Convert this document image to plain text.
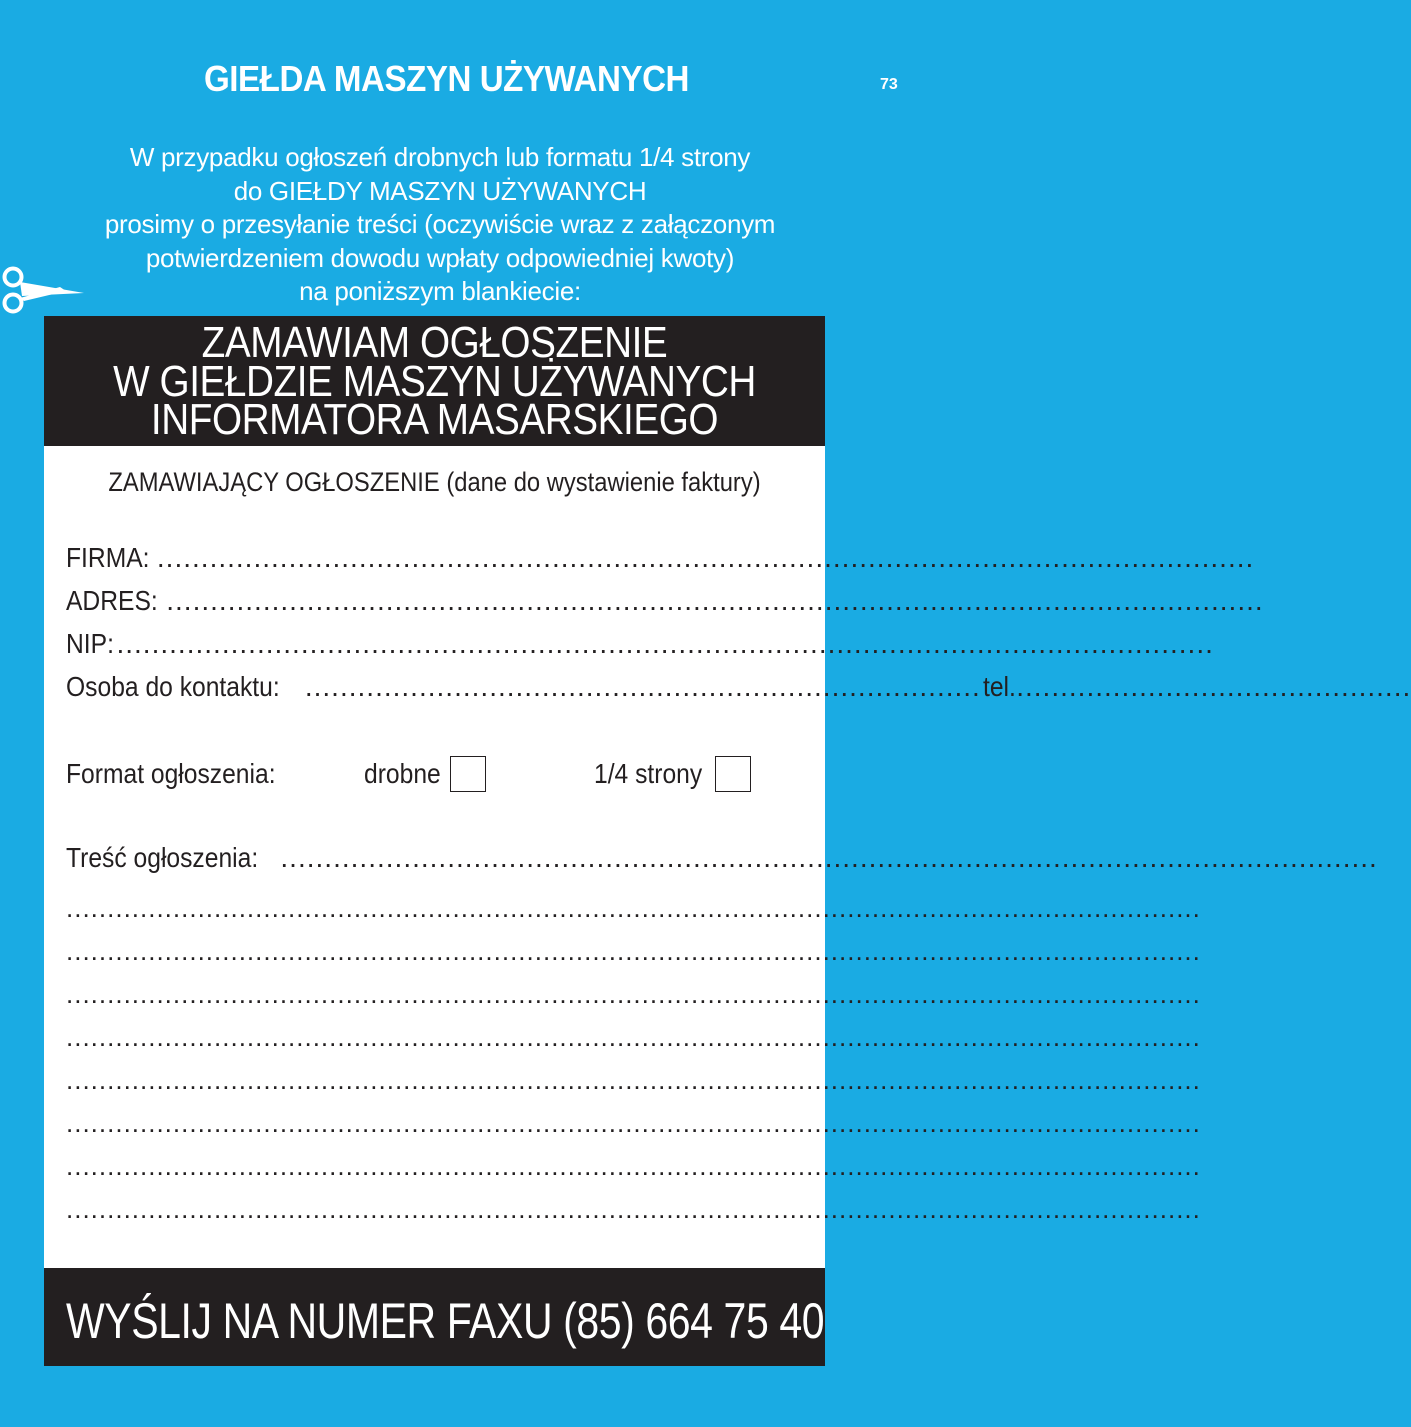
GIEŁDA MASZYN UŻYWANYCH	73
W przypadku ogłoszeń drobnych lub formatu 1/4 strony
do GIEŁDY MASZYN UŻYWANYCH
prosimy o przesyłanie treści (oczywiście wraz z załączonym
potwierdzeniem dowodu wpłaty odpowiedniej kwoty)
na poniższym blankiecie:
ZAMAWIAM OGŁOSZENIE
W GIEŁDZIE MASZYN UŻYWANYCH
INFORMATORA MASARSKIEGO
ZAMAWIAJĄCY OGŁOSZENIE (dane do wystawienie faktury)
FIRMA: .............................................................................................................................
ADRES: .............................................................................................................................
NIP: .............................................................................................................................
Osoba do kontaktu: ............................................................................. tel. .............................................
Format ogłoszenia:	drobne	1/4 strony
Treść ogłoszenia: .............................................................................................................................
..........................................................................................................................................
..........................................................................................................................................
..........................................................................................................................................
..........................................................................................................................................
..........................................................................................................................................
..........................................................................................................................................
..........................................................................................................................................
..........................................................................................................................................
WYŚLIJ NA NUMER FAXU (85) 664 75 40
